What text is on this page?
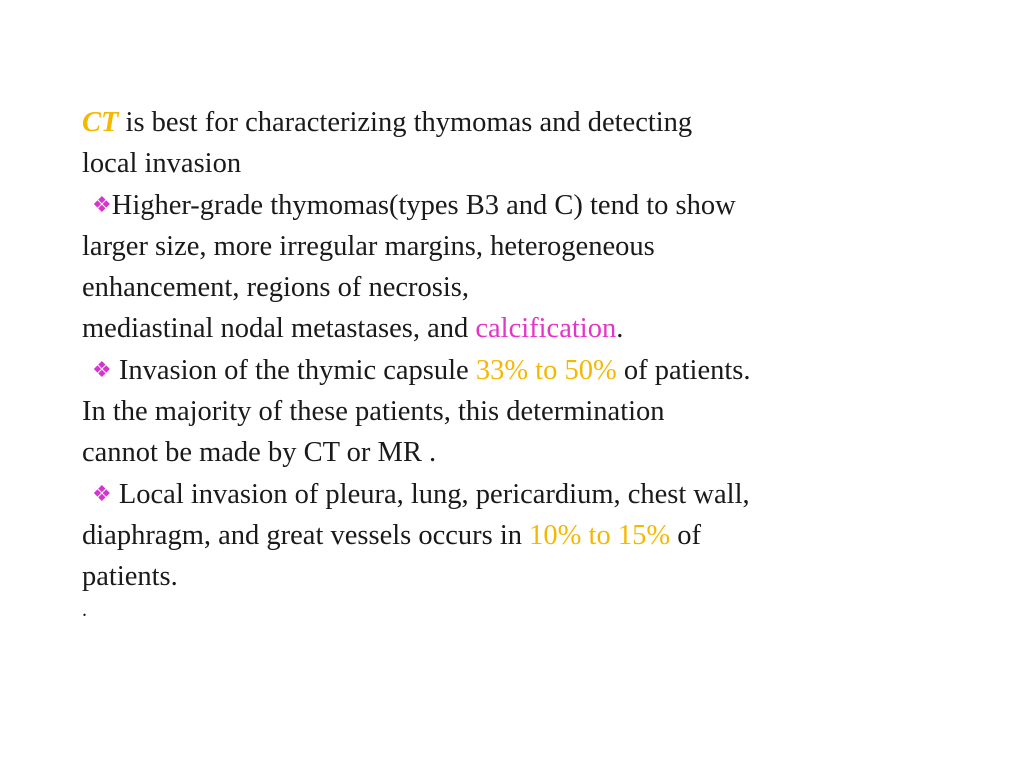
CT is best for characterizing thymomas and detecting
local invasion
❖Higher-grade thymomas(types B3 and C) tend to show
larger size, more irregular margins, heterogeneous
enhancement, regions of necrosis,
mediastinal nodal metastases, and calcification.
❖ Invasion of the thymic capsule 33% to 50% of patients.
In the majority of these patients, this determination
cannot be made by CT or MR .
❖ Local invasion of pleura, lung, pericardium, chest wall,
diaphragm, and great vessels occurs in 10% to 15% of
patients.
.
